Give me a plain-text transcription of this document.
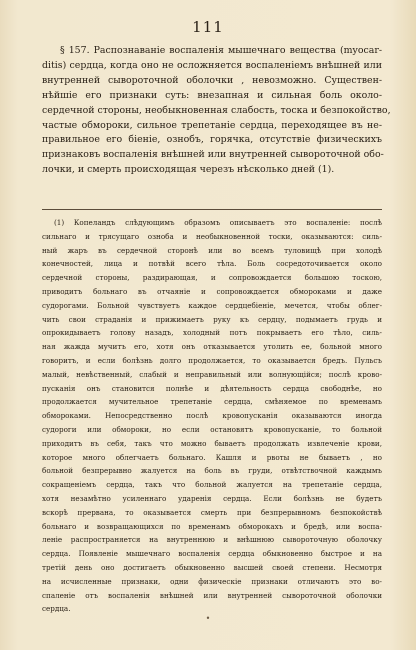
111
§ 157. Распознаваніе воспаленія мышечнаго вещества (myocar-
ditis) сердца, когда оно не осложняется воспаленіемъ внѣшней или
внутренней сывороточной оболочки , невозможно. Существен-
нѣйшіе его признаки суть: внезапная и сильная боль около-
сердечной стороны, необыкновенная слабость, тоска и безпокойство,
частые обмороки, сильное трепетаніе сердца, переходящее въ не-
правильное его біеніе, ознобъ, горячка, отсутствіе физическихъ
признаковъ воспаленія внѣшней или внутренней сывороточной обо-
лочки, и смерть происходящая черезъ нѣсколько дней (1).
(1) Копеландъ слѣдующимъ образомъ описываетъ это воспаленіе: послѣ
сильнаго и трясущаго озноба и необыкновенной тоски, оказываются: силь-
ный жаръ въ сердечной сторонѣ или во всемъ туловищѣ при холодѣ
конечностей, лица и потвѣй всего тѣла. Боль сосредоточивается около
сердечной стороны, раздирающая, и сопровождается большою тоскою,
приводитъ больнаго въ отчаяніе и сопровождается обмороками и даже
судорогами. Больной чувствуетъ каждое сердцебіеніе, мечется, чтобы облег-
чить свои страданія и прижимаетъ руку къ сердцу, подымаетъ грудь и
опрокидываетъ голову назадъ, холодный потъ покрываетъ его тѣло, силь-
ная жажда мучитъ его, хотя онъ отказывается утолить ее, больной много
говоритъ, и если болѣзнь долго продолжается, то оказывается бредъ. Пульсъ
малый, невѣственный, слабый и неправильный или волнующійся; послѣ крово-
пусканія онъ становится полнѣе и дѣятельность сердца свободнѣе, но
продолжается мучительное трепетаніе сердца, смѣняемое по временамъ
обмороками. Непосредственно послѣ кровопусканія оказываются иногда
судороги или обмороки, но если остановятъ кровопусканіе, то больной
приходитъ въ себя, такъ что можно бываетъ продолжать извлеченіе крови,
которое много облегчаетъ больнаго. Кашля и рвоты не бываетъ , но
больной безпрерывно жалуется на боль въ груди, отвѣтствочной каждымъ
сокращеніемъ сердца, такъ что больной жалуется на трепетаніе сердца,
хотя незамѣтно усиленнаго ударенія сердца. Если болѣзнь не будетъ
вскорѣ прервана, то оказывается смерть при безпрерывномъ безпокойствѣ
больнаго и возвращающихся по временамъ обморокахъ и бредѣ, или воспа-
леніе распространяется на внутреннюю и внѣшнюю сывороточную оболочку
сердца. Появленіе мышечнаго воспаленія сердца обыкновенно быстрое и на
третій день оно достигаетъ обыкновенно высшей своей степени. Несмотря
на исчисленные признаки, одни физическіе признаки отличаютъ это во-
спаленіе отъ воспаленія внѣшней или внутренней сывороточной оболочки
сердца.
•
